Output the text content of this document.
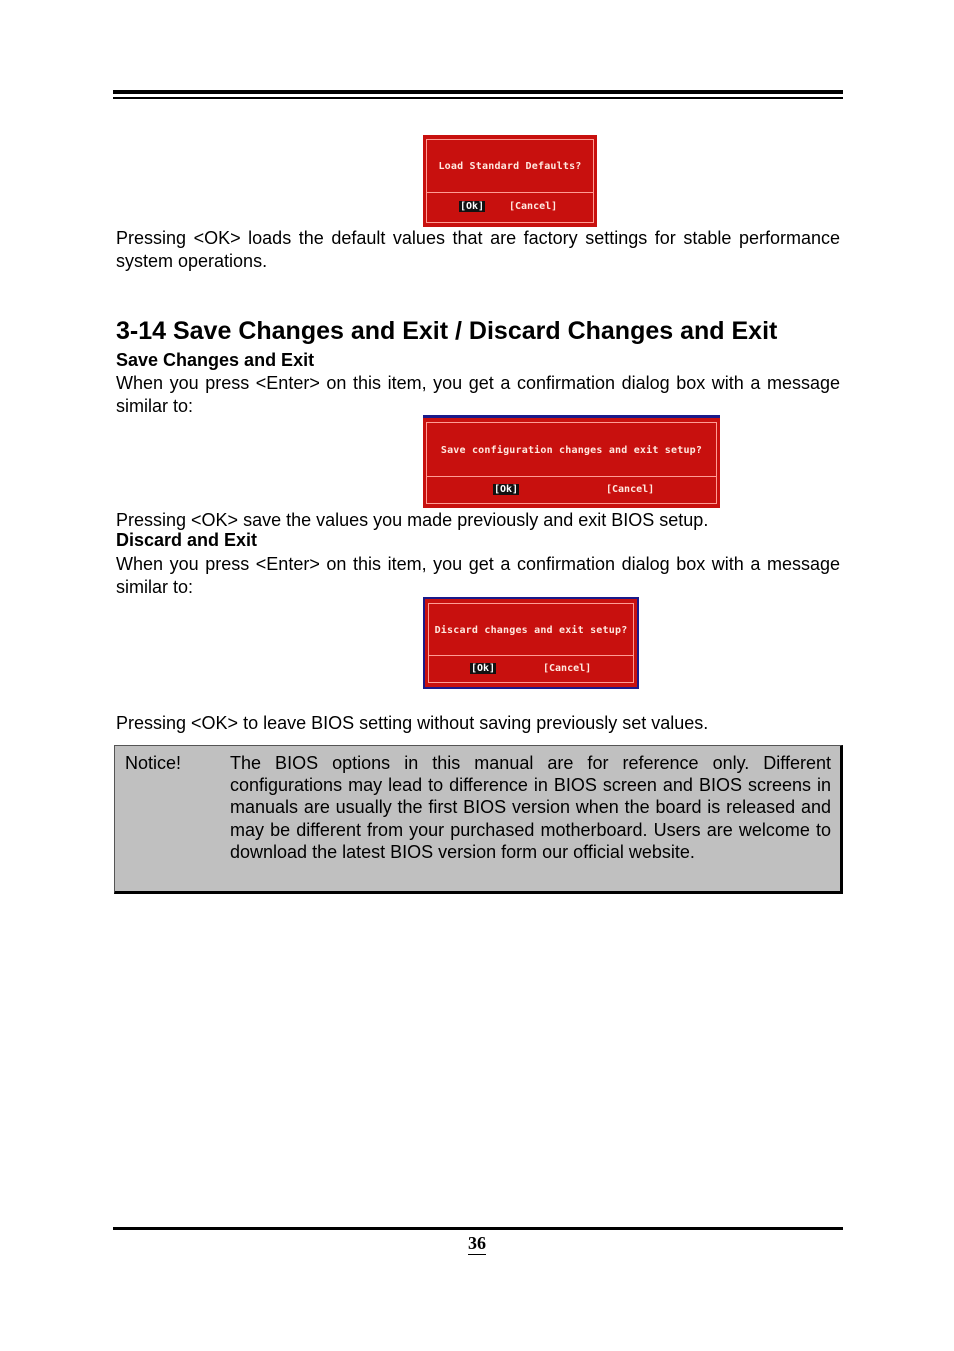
Load Standard Defaults?
[Ok] [Cancel]

Pressing <OK> loads the default values that are factory settings for stable performance system operations.

3-14 Save Changes and Exit / Discard Changes and Exit
Save Changes and Exit

When you press <Enter> on this item, you get a confirmation dialog box with a message similar to:

Save configuration changes and exit setup?
[Ok]	[Cancel]

Pressing <OK> save the values you made previously and exit BIOS setup.

Discard and Exit

When you press <Enter> on this item, you get a confirmation dialog box with a message similar to:

Discard changes and exit setup?
[Ok]	[Cancel]

Pressing <OK> to leave BIOS setting without saving previously set values.

Notice!	The BIOS options in this manual are for reference only. Different configurations may lead to difference in BIOS screen and BIOS screens in manuals are usually the first BIOS version when the board is released and may be different from your purchased motherboard. Users are welcome to download the latest BIOS version form our official website.
36
